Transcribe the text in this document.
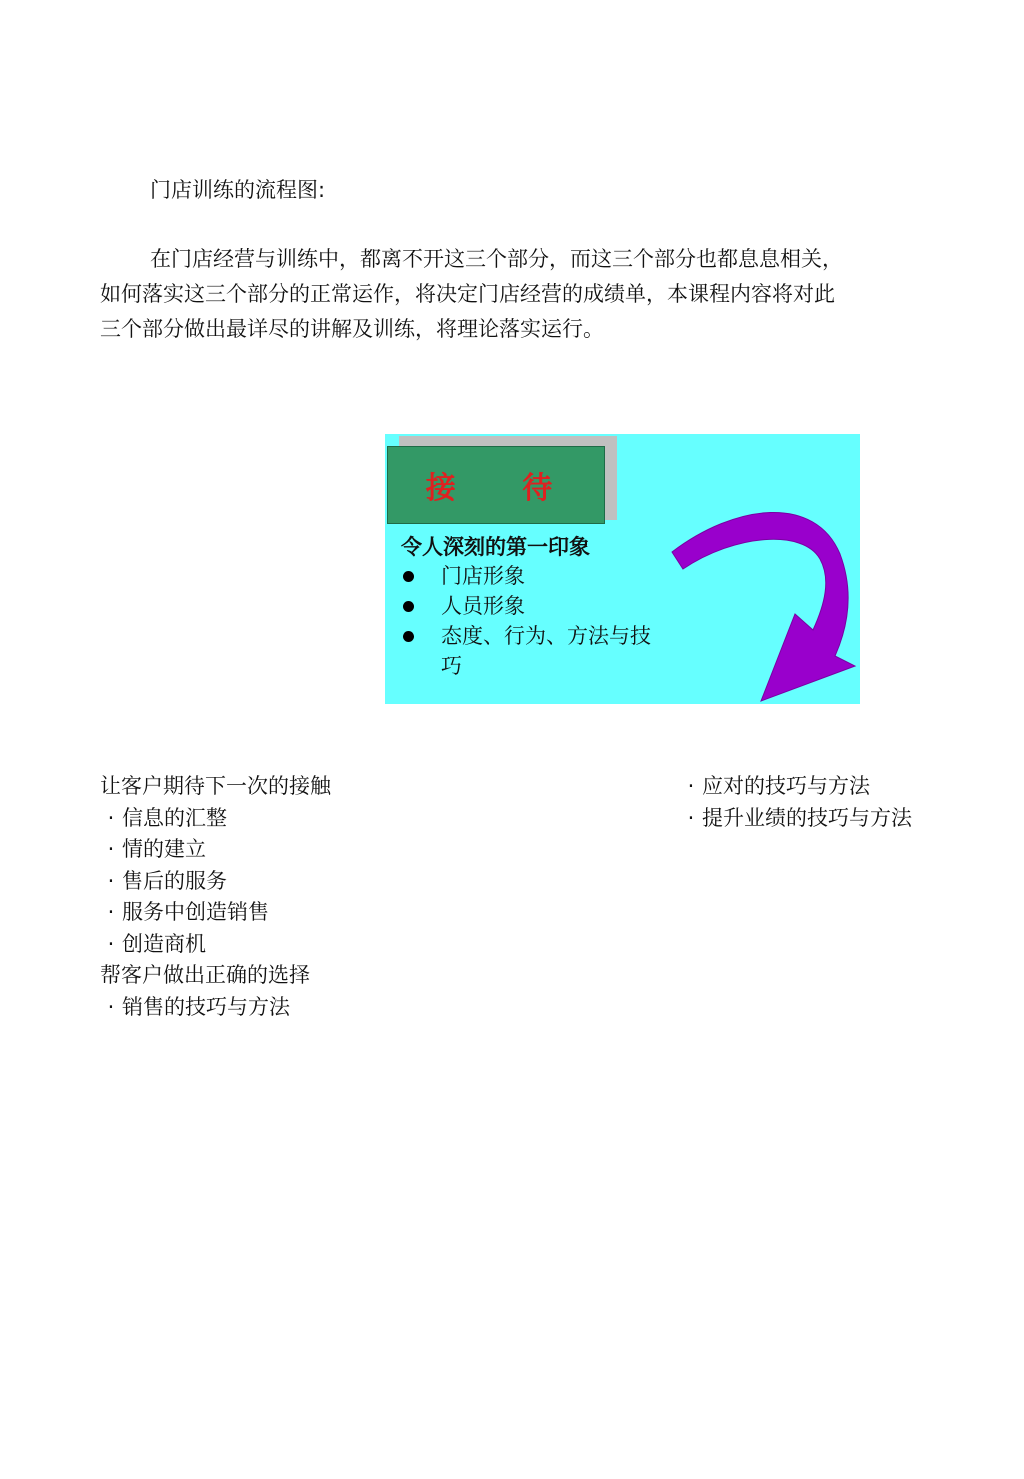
门店训练的流程图:
在门店经营与训练中，都离不开这三个部分，而这三个部分也都息息相关，
如何落实这三个部分的正常运作，将决定门店经营的成绩单，本课程内容将对此
三个部分做出最详尽的讲解及训练，将理论落实运行。
接 待
令人深刻的第一印象
门店形象
人员形象
态度、行为、方法与技巧
让客户期待下一次的接触
· 信息的汇整
· 情的建立
· 售后的服务
· 服务中创造销售
· 创造商机
帮客户做出正确的选择
· 销售的技巧与方法
· 应对的技巧与方法
· 提升业绩的技巧与方法
